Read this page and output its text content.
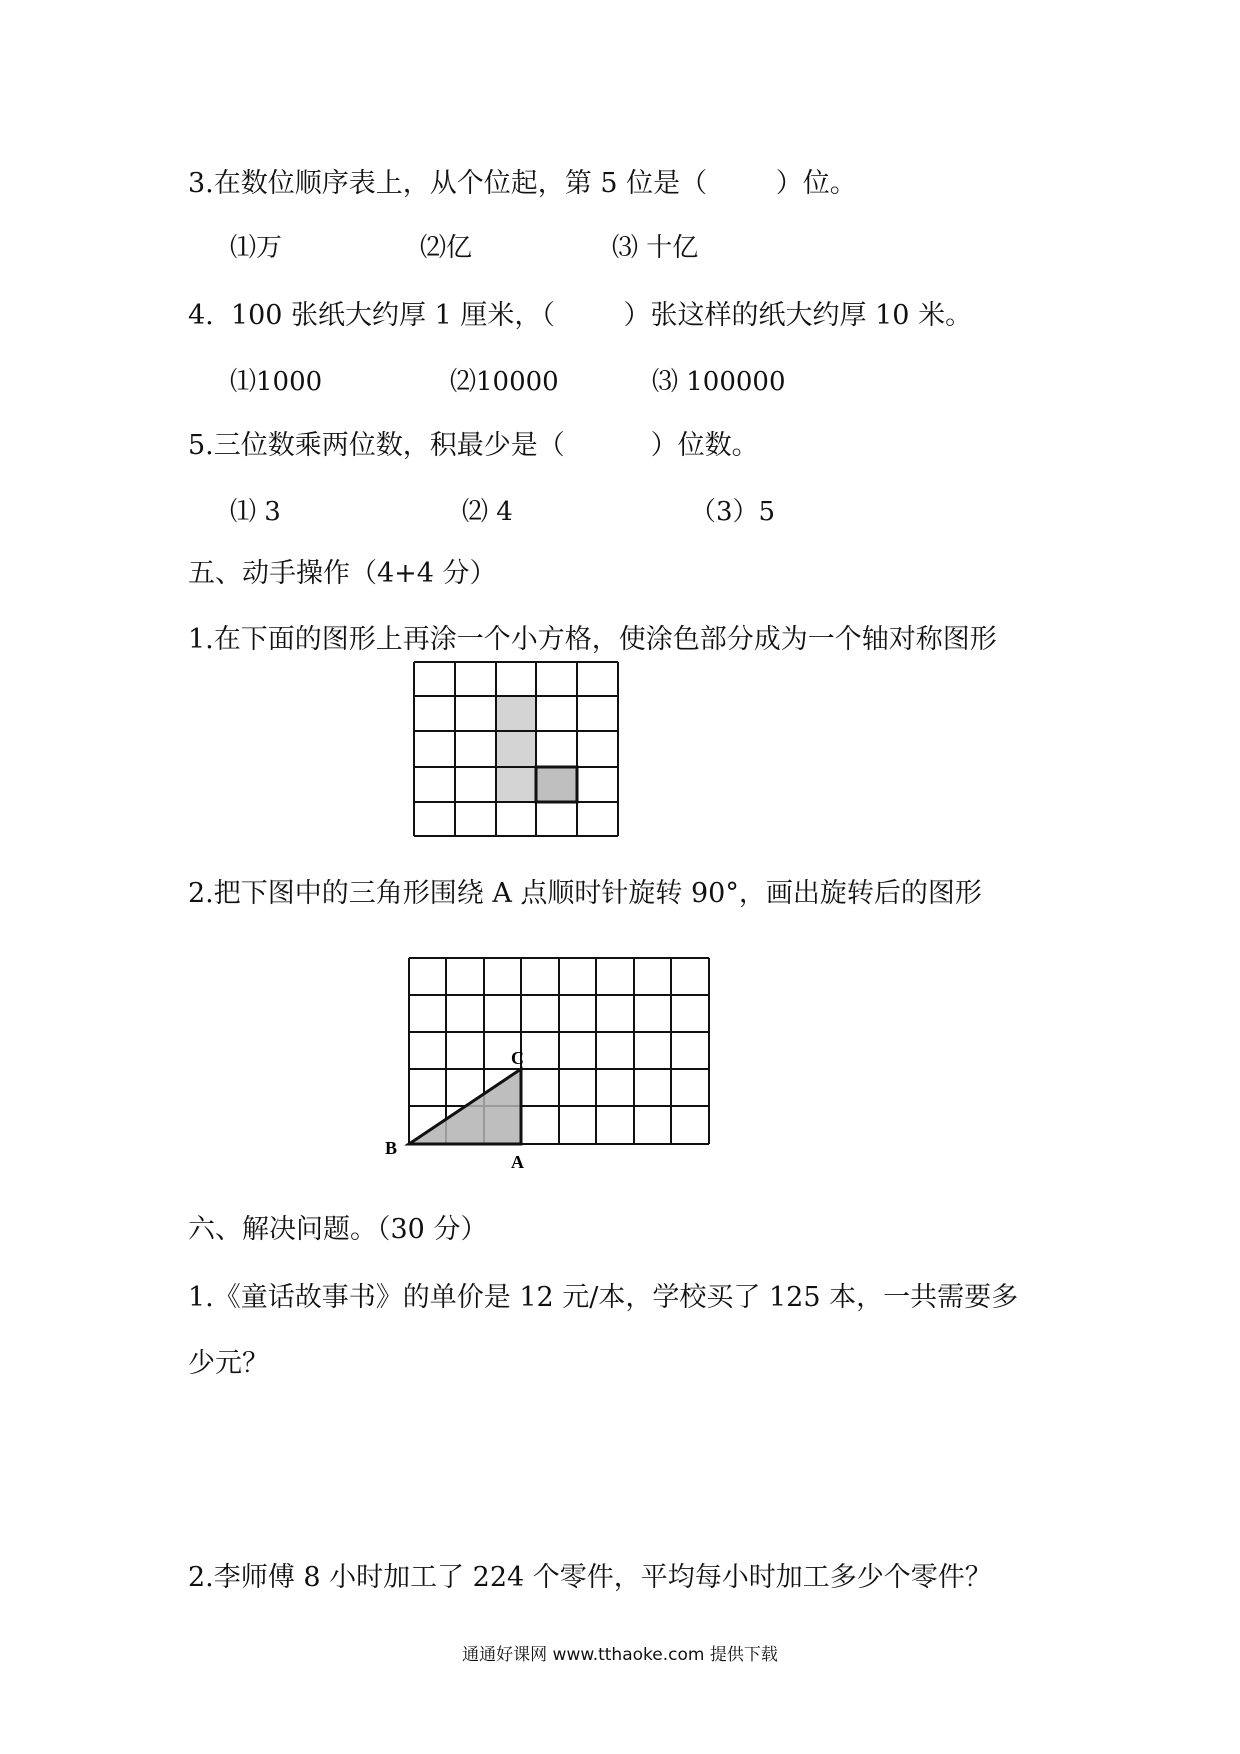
3.在数位顺序表上，从个位起，第 5 位是（        ）位。
⑴万	⑵亿	⑶ 十亿
4.  100 张纸大约厚 1 厘米，（        ）张这样的纸大约厚 10 米。
⑴1000	⑵10000	⑶ 100000
5.三位数乘两位数，积最少是（          ）位数。
⑴ 3	⑵ 4	（3）5
五、动手操作（4+4 分）
1.在下面的图形上再涂一个小方格，使涂色部分成为一个轴对称图形
2.把下图中的三角形围绕 A 点顺时针旋转 90°，画出旋转后的图形
B
C
A
六、解决问题。（30 分）
1.《童话故事书》的单价是 12 元/本，学校买了 125 本，一共需要多
少元？
2.李师傅 8 小时加工了 224 个零件，平均每小时加工多少个零件？
通通好课网 www.tthaoke.com 提供下载
